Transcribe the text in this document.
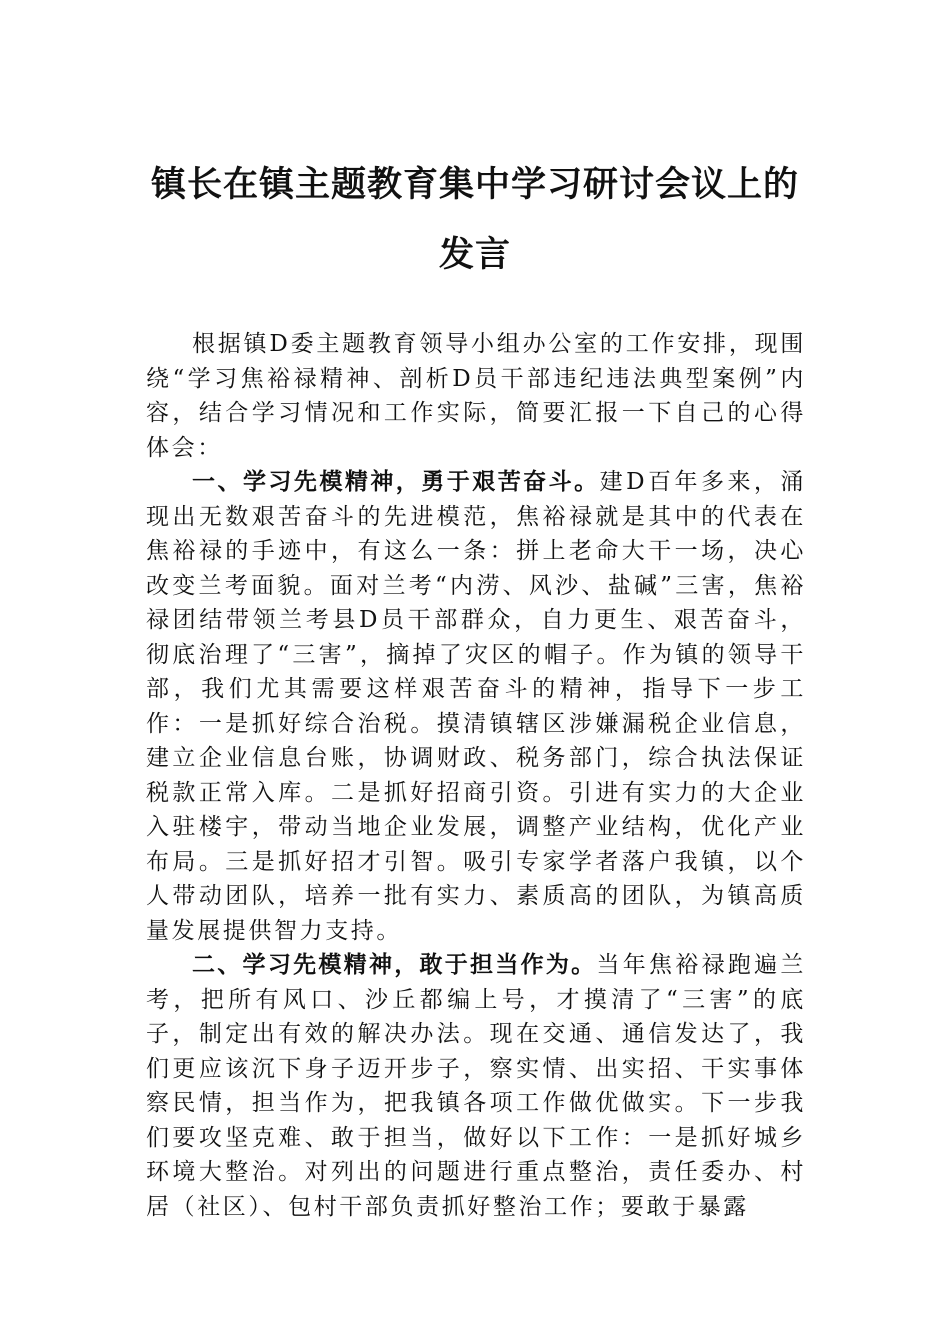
镇长在镇主题教育集中学习研讨会议上的
发言

根据镇D委主题教育领导小组办公室的工作安排，现围绕“学习焦裕禄精神、剖析D员干部违纪违法典型案例”内容，结合学习情况和工作实际，简要汇报一下自己的心得体会：

一、学习先模精神，勇于艰苦奋斗。建D百年多来，涌现出无数艰苦奋斗的先进模范，焦裕禄就是其中的代表在焦裕禄的手迹中，有这么一条：拼上老命大干一场，决心改变兰考面貌。面对兰考“内涝、风沙、盐碱”三害，焦裕禄团结带领兰考县D员干部群众，自力更生、艰苦奋斗，彻底治理了“三害”，摘掉了灾区的帽子。作为镇的领导干部，我们尤其需要这样艰苦奋斗的精神，指导下一步工作：一是抓好综合治税。摸清镇辖区涉嫌漏税企业信息，建立企业信息台账，协调财政、税务部门，综合执法保证税款正常入库。二是抓好招商引资。引进有实力的大企业入驻楼宇，带动当地企业发展，调整产业结构，优化产业布局。三是抓好招才引智。吸引专家学者落户我镇，以个人带动团队，培养一批有实力、素质高的团队，为镇高质量发展提供智力支持。

二、学习先模精神，敢于担当作为。当年焦裕禄跑遍兰考，把所有风口、沙丘都编上号，才摸清了“三害”的底子，制定出有效的解决办法。现在交通、通信发达了，我们更应该沉下身子迈开步子，察实情、出实招、干实事体察民情，担当作为，把我镇各项工作做优做实。下一步我们要攻坚克难、敢于担当，做好以下工作：一是抓好城乡环境大整治。对列出的问题进行重点整治，责任委办、村居（社区）、包村干部负责抓好整治工作；要敢于暴露
